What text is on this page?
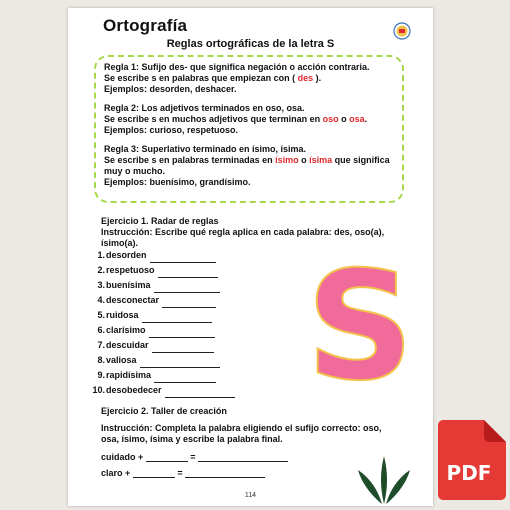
Ortografía
Reglas ortográficas de la letra S
Regla 1: Sufijo des- que significa negación o acción contraria.
Se escribe s en palabras que empiezan con ( des ).
Ejemplos: desorden, deshacer.
Regla 2: Los adjetivos terminados en oso, osa.
Se escribe s en muchos adjetivos que terminan en oso o osa.
Ejemplos: curioso, respetuoso.
Regla 3: Superlativo terminado en ísimo, ísima.
Se escribe s en palabras terminadas en ísimo o ísima que significa
muy o mucho.
Ejemplos: buenísimo, grandísimo.
Ejercicio 1. Radar de reglas
Instrucción: Escribe qué regla aplica en cada palabra: des, oso(a), ísimo(a).
1. desorden
2. respetuoso
3. buenísima
4. desconectar
5. ruidosa
6. clarísimo
7. descuidar
8. valiosa
9. rapidísima
10. desobedecer S
Ejercicio 2. Taller de creación
Instrucción: Completa la palabra eligiendo el sufijo correcto: oso, osa, ísimo, ísima y escribe la palabra final.
cuidado +	=
claro +	=
114
PDF
